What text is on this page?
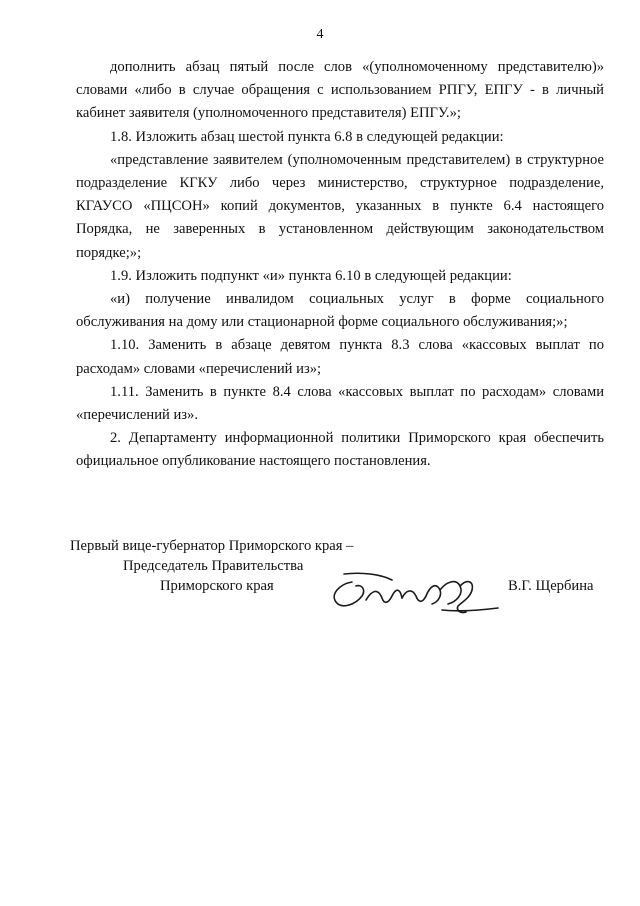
4

дополнить абзац пятый после слов «(уполномоченному представителю)» словами «либо в случае обращения с использованием РПГУ, ЕПГУ - в личный кабинет заявителя (уполномоченного представителя) ЕПГУ.»;

1.8. Изложить абзац шестой пункта 6.8 в следующей редакции:

«представление заявителем (уполномоченным представителем) в структурное подразделение КГКУ либо через министерство, структурное подразделение, КГАУСО «ПЦСОН» копий документов, указанных в пункте 6.4 настоящего Порядка, не заверенных в установленном действующим законодательством порядке;»;

1.9. Изложить подпункт «и» пункта 6.10 в следующей редакции:

«и) получение инвалидом социальных услуг в форме социального обслуживания на дому или стационарной форме социального обслуживания;»;

1.10. Заменить в абзаце девятом пункта 8.3 слова «кассовых выплат по расходам» словами «перечислений из»;

1.11. Заменить в пункте 8.4 слова «кассовых выплат по расходам» словами «перечислений из».

2. Департаменту информационной политики Приморского края обеспечить официальное опубликование настоящего постановления.

Первый вице-губернатор Приморского края –
Председатель Правительства
Приморского края	В.Г. Щербина
